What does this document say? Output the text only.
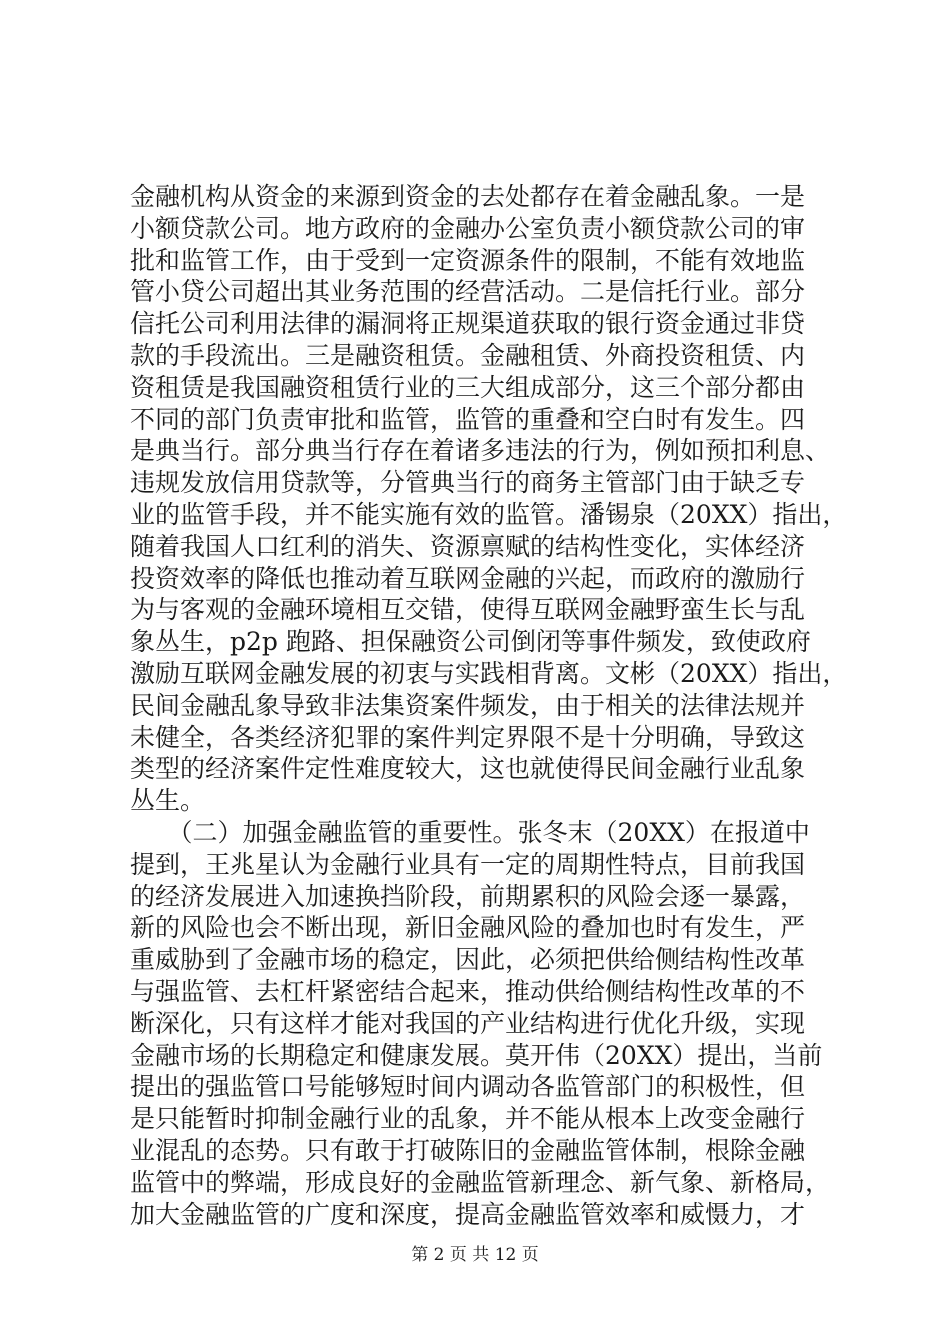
金融机构从资金的来源到资金的去处都存在着金融乱象。一是
小额贷款公司。地方政府的金融办公室负责小额贷款公司的审
批和监管工作，由于受到一定资源条件的限制，不能有效地监
管小贷公司超出其业务范围的经营活动。二是信托行业。部分
信托公司利用法律的漏洞将正规渠道获取的银行资金通过非贷
款的手段流出。三是融资租赁。金融租赁、外商投资租赁、内
资租赁是我国融资租赁行业的三大组成部分，这三个部分都由
不同的部门负责审批和监管，监管的重叠和空白时有发生。四
是典当行。部分典当行存在着诸多违法的行为，例如预扣利息、
违规发放信用贷款等，分管典当行的商务主管部门由于缺乏专
业的监管手段，并不能实施有效的监管。潘锡泉（20XX）指出，
随着我国人口红利的消失、资源禀赋的结构性变化，实体经济
投资效率的降低也推动着互联网金融的兴起，而政府的激励行
为与客观的金融环境相互交错，使得互联网金融野蛮生长与乱
象丛生，p2p 跑路、担保融资公司倒闭等事件频发，致使政府
激励互联网金融发展的初衷与实践相背离。文彬（20XX）指出，
民间金融乱象导致非法集资案件频发，由于相关的法律法规并
未健全，各类经济犯罪的案件判定界限不是十分明确，导致这
类型的经济案件定性难度较大，这也就使得民间金融行业乱象
丛生。
　　（二）加强金融监管的重要性。张冬末（20XX）在报道中
提到，王兆星认为金融行业具有一定的周期性特点，目前我国
的经济发展进入加速换挡阶段，前期累积的风险会逐一暴露，
新的风险也会不断出现，新旧金融风险的叠加也时有发生，严
重威胁到了金融市场的稳定，因此，必须把供给侧结构性改革
与强监管、去杠杆紧密结合起来，推动供给侧结构性改革的不
断深化，只有这样才能对我国的产业结构进行优化升级，实现
金融市场的长期稳定和健康发展。莫开伟（20XX）提出，当前
提出的强监管口号能够短时间内调动各监管部门的积极性，但
是只能暂时抑制金融行业的乱象，并不能从根本上改变金融行
业混乱的态势。只有敢于打破陈旧的金融监管体制，根除金融
监管中的弊端，形成良好的金融监管新理念、新气象、新格局，
加大金融监管的广度和深度，提高金融监管效率和威慑力，才
第 2 页 共 12 页
